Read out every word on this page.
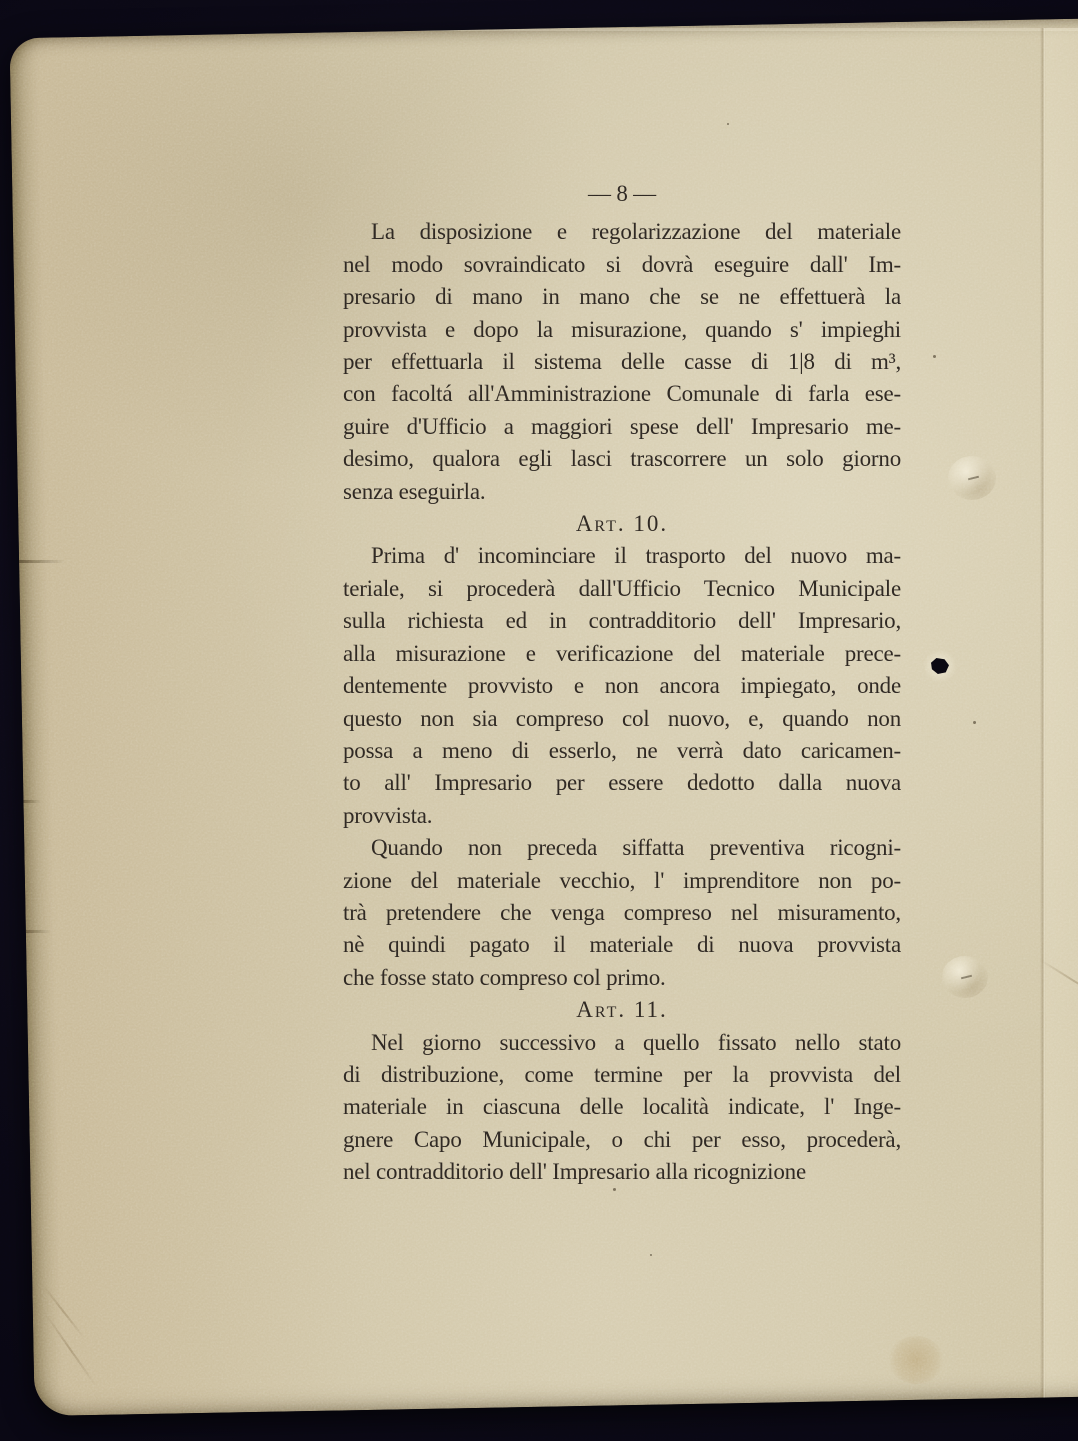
— 8 —
La disposizione e regolarizzazione del materiale
nel modo sovraindicato si dovrà eseguire dall' Im-
presario di mano in mano che se ne effettuerà la
provvista e dopo la misurazione, quando s' impieghi
per effettuarla il sistema delle casse di 1|8 di m³,
con facoltá all'Amministrazione Comunale di farla ese-
guire d'Ufficio a maggiori spese dell' Impresario me-
desimo, qualora egli lasci trascorrere un solo giorno
senza eseguirla.
Art. 10.
Prima d' incominciare il trasporto del nuovo ma-
teriale, si procederà dall'Ufficio Tecnico Municipale
sulla richiesta ed in contradditorio dell' Impresario,
alla misurazione e verificazione del materiale prece-
dentemente provvisto e non ancora impiegato, onde
questo non sia compreso col nuovo, e, quando non
possa a meno di esserlo, ne verrà dato caricamen-
to all' Impresario per essere dedotto dalla nuova
provvista.
Quando non preceda siffatta preventiva ricogni-
zione del materiale vecchio, l' imprenditore non po-
trà pretendere che venga compreso nel misuramento,
nè quindi pagato il materiale di nuova provvista
che fosse stato compreso col primo.
Art. 11.
Nel giorno successivo a quello fissato nello stato
di distribuzione, come termine per la provvista del
materiale in ciascuna delle località indicate, l' Inge-
gnere Capo Municipale, o chi per esso, procederà,
nel contradditorio dell' Impresario alla ricognizione
